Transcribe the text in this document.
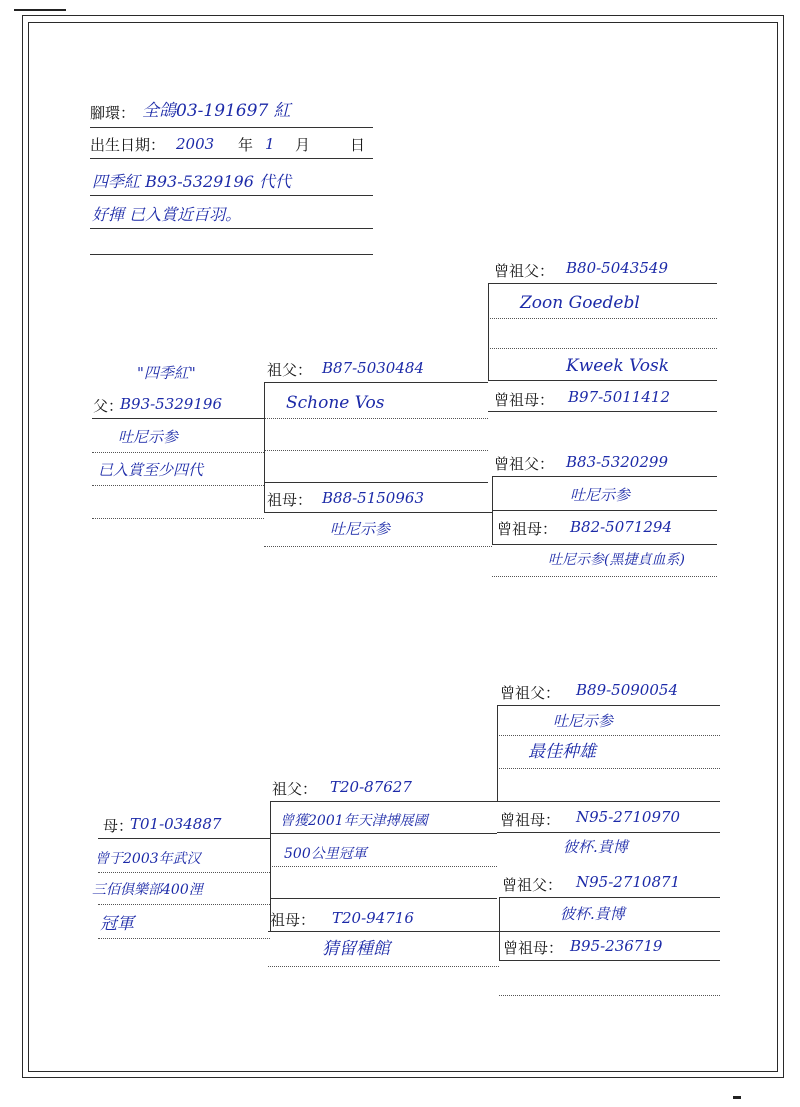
腳環： 全鴿03-191697 紅
出生日期： 2003 年 1 月	日
四季紅 B93-5329196 代代
好揮 已入賞近百羽。
曾祖父： B80-5043549
Zoon Goedebl
Kweek Vosk
曾祖母： B97-5011412
祖父： B87-5030484
Schone Vos
曾祖父： B83-5320299
吐尼示参
曾祖母： B82-5071294
吐尼示参(黑捷貞血系)
祖母： B88-5150963
吐尼示参
"四季紅"
父：
B93-5329196
吐尼示参
已入賞至少四代
曾祖父： B89-5090054
吐尼示参
最佳种雄
曾祖母： N95-2710970
彼杯.貴博
祖父： T20-87627
曾獲2001年天津搏展國
500公里冠軍
曾祖父： N95-2710871
彼杯.貴博
曾祖母： B95-236719
祖母： T20-94716
猜留種館
母：
T01-034887
曾于2003年武汉
三佰俱樂部400浬
冠軍
